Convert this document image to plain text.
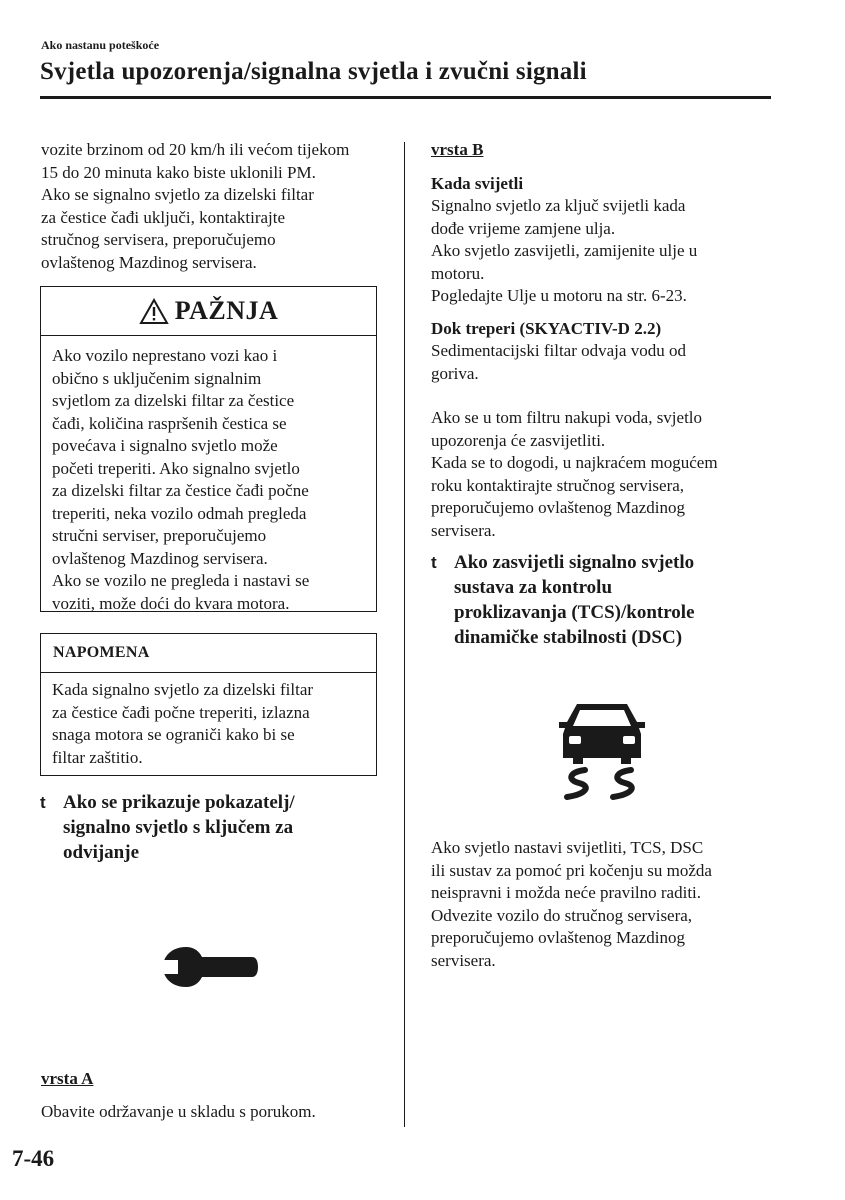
Ako nastanu poteškoće
Svjetla upozorenja/signalna svjetla i zvučni signali
vozite brzinom od 20 km/h ili većom tijekom
15 do 20 minuta kako biste uklonili PM.
Ako se signalno svjetlo za dizelski filtar
za čestice čađi uključi, kontaktirajte
stručnog servisera, preporučujemo
ovlaštenog Mazdinog servisera.
PAŽNJA
Ako vozilo neprestano vozi kao i
obično s uključenim signalnim
svjetlom za dizelski filtar za čestice
čađi, količina raspršenih čestica se
povećava i signalno svjetlo može
početi treperiti. Ako signalno svjetlo
za dizelski filtar za čestice čađi počne
treperiti, neka vozilo odmah pregleda
stručni serviser, preporučujemo
ovlaštenog Mazdinog servisera.
Ako se vozilo ne pregleda i nastavi se
voziti, može doći do kvara motora.
NAPOMENA
Kada signalno svjetlo za dizelski filtar
za čestice čađi počne treperiti, izlazna
snaga motora se ograniči kako bi se
filtar zaštitio.
t Ako se prikazuje pokazatelj/
signalno svjetlo s ključem za
odvijanje
vrsta A
Obavite održavanje u skladu s porukom.
vrsta B
Kada svijetli
Signalno svjetlo za ključ svijetli kada
dođe vrijeme zamjene ulja.
Ako svjetlo zasvijetli, zamijenite ulje u
motoru.
Pogledajte Ulje u motoru na str. 6-23.
Dok treperi (SKYACTIV-D 2.2)
Sedimentacijski filtar odvaja vodu od
goriva.
Ako se u tom filtru nakupi voda, svjetlo
upozorenja će zasvijetliti.
Kada se to dogodi, u najkraćem mogućem
roku kontaktirajte stručnog servisera,
preporučujemo ovlaštenog Mazdinog
servisera.
t Ako zasvijetli signalno svjetlo
sustava za kontrolu
proklizavanja (TCS)/kontrole
dinamičke stabilnosti (DSC)
Ako svjetlo nastavi svijetliti, TCS, DSC
ili sustav za pomoć pri kočenju su možda
neispravni i možda neće pravilno raditi.
Odvezite vozilo do stručnog servisera,
preporučujemo ovlaštenog Mazdinog
servisera.
7-46
